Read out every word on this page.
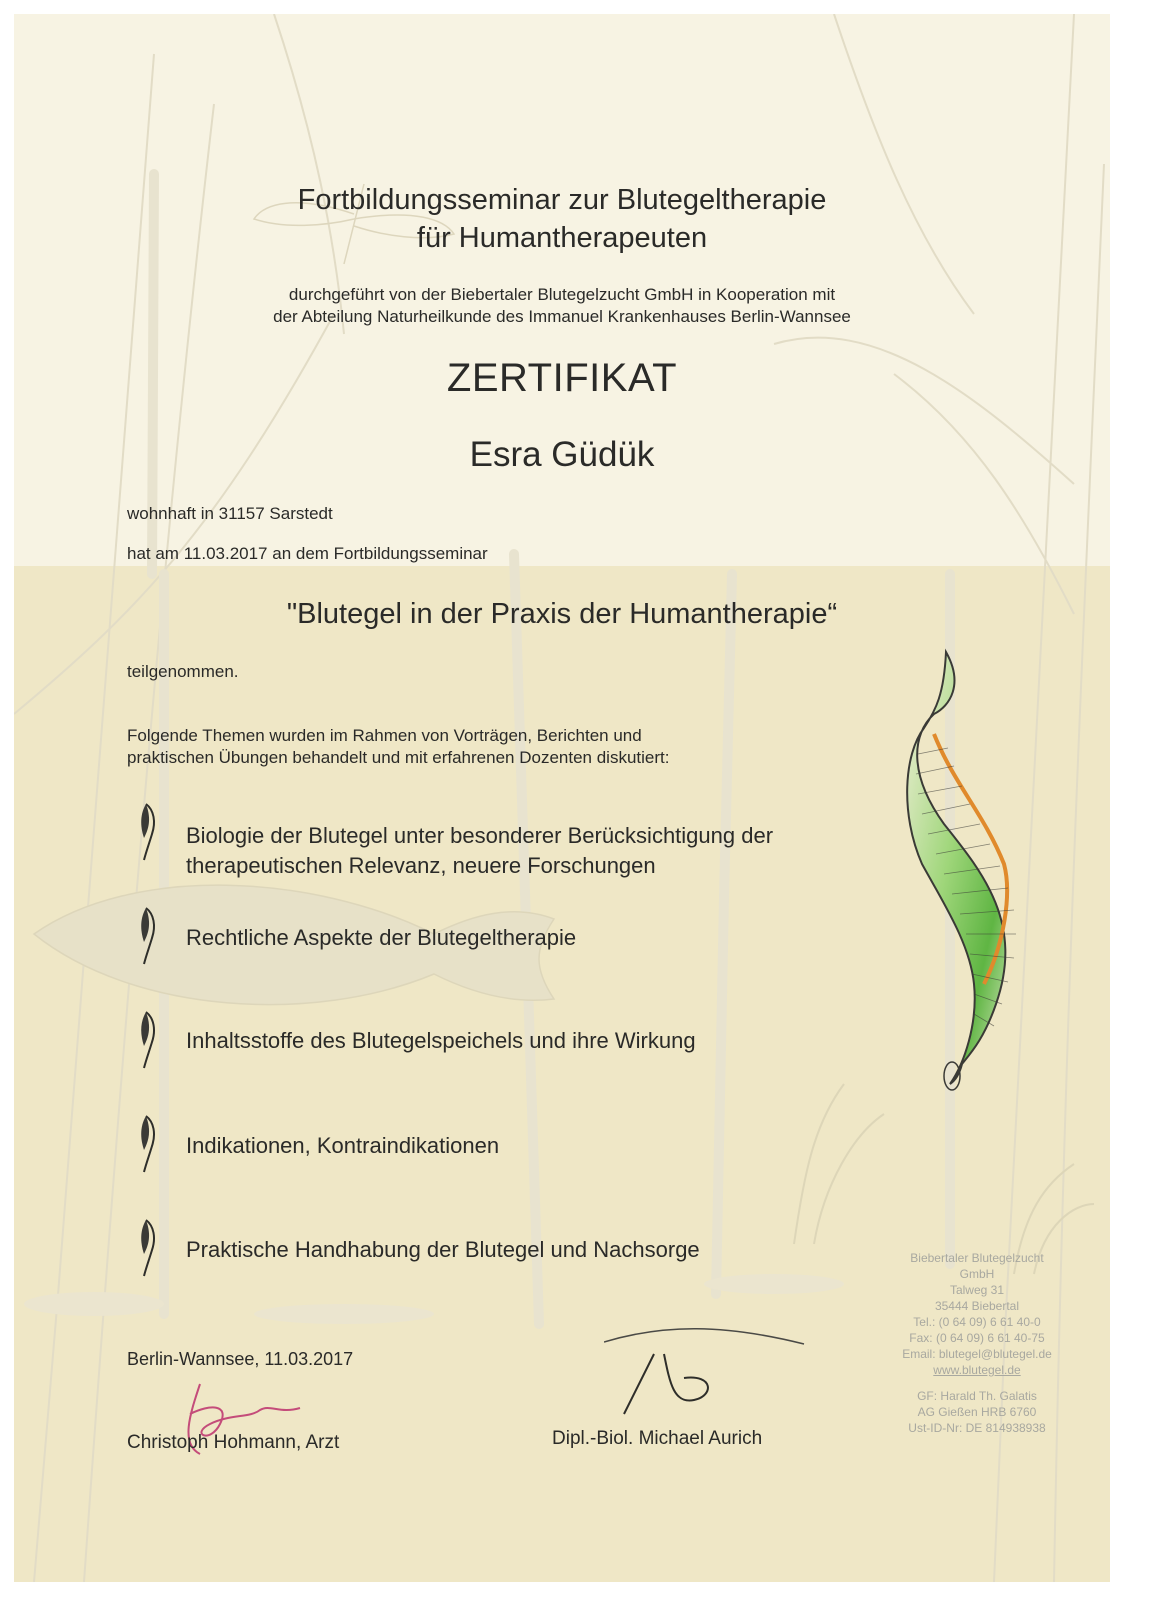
Fortbildungsseminar zur Blutegeltherapie
für Humantherapeuten
durchgeführt von der Biebertaler Blutegelzucht GmbH in Kooperation mit
der Abteilung Naturheilkunde des Immanuel Krankenhauses Berlin-Wannsee
ZERTIFIKAT
Esra Güdük
wohnhaft in 31157 Sarstedt
hat am 11.03.2017 an dem Fortbildungsseminar
"Blutegel in der Praxis der Humantherapie“
teilgenommen.
Folgende Themen wurden im Rahmen von Vorträgen, Berichten und
praktischen Übungen behandelt und mit erfahrenen Dozenten diskutiert:
Biologie der Blutegel unter besonderer Berücksichtigung der
therapeutischen Relevanz, neuere Forschungen
Rechtliche Aspekte der Blutegeltherapie
Inhaltsstoffe des Blutegelspeichels und ihre Wirkung
Indikationen, Kontraindikationen
Praktische Handhabung der Blutegel und Nachsorge
Berlin-Wannsee, 11.03.2017
Christoph Hohmann, Arzt	Dipl.-Biol. Michael Aurich
Biebertaler Blutegelzucht
GmbH
Talweg 31
35444 Biebertal
Tel.: (0 64 09) 6 61 40-0
Fax: (0 64 09) 6 61 40-75
Email: blutegel@blutegel.de
www.blutegel.de
GF: Harald Th. Galatis
AG Gießen HRB 6760
Ust-ID-Nr: DE 814938938
